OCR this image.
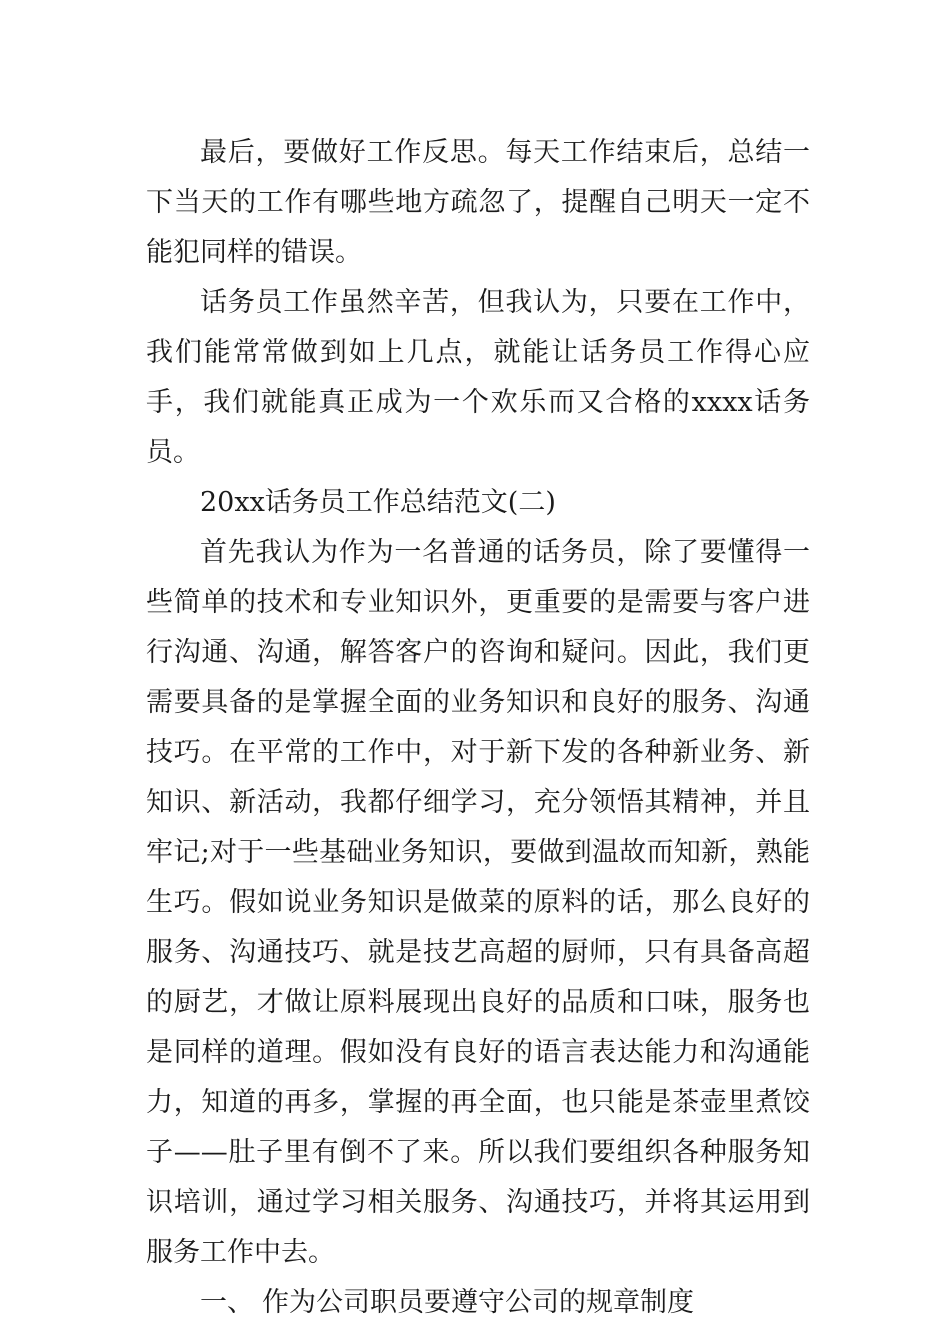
最后，要做好工作反思。每天工作结束后，总结一下当天的工作有哪些地方疏忽了，提醒自己明天一定不能犯同样的错误。

话务员工作虽然辛苦，但我认为，只要在工作中，我们能常常做到如上几点，就能让话务员工作得心应手，我们就能真正成为一个欢乐而又合格的xxxx话务员。

20xx话务员工作总结范文(二)

首先我认为作为一名普通的话务员，除了要懂得一些简单的技术和专业知识外，更重要的是需要与客户进行沟通、沟通，解答客户的咨询和疑问。因此，我们更需要具备的是掌握全面的业务知识和良好的服务、沟通技巧。在平常的工作中，对于新下发的各种新业务、新知识、新活动，我都仔细学习，充分领悟其精神，并且牢记;对于一些基础业务知识，要做到温故而知新，熟能生巧。假如说业务知识是做菜的原料的话，那么良好的服务、沟通技巧、就是技艺高超的厨师，只有具备高超的厨艺，才做让原料展现出良好的品质和口味，服务也是同样的道理。假如没有良好的语言表达能力和沟通能力，知道的再多，掌握的再全面，也只能是茶壶里煮饺子——肚子里有倒不了来。所以我们要组织各种服务知识培训，通过学习相关服务、沟通技巧，并将其运用到服务工作中去。

一、 作为公司职员要遵守公司的规章制度
